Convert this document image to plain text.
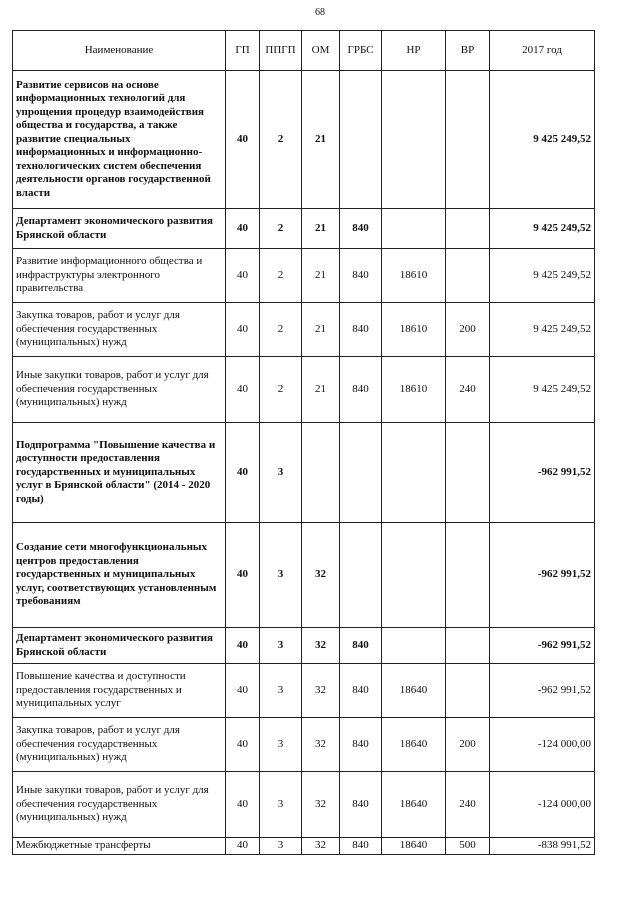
68
Наименование	ГП	ППГП	ОМ	ГРБС	НР	ВР	2017 год
Развитие сервисов на основе информационных технологий для упрощения процедур взаимодействия общества и государства, а также развитие специальных информационных и информационно-технологических систем обеспечения деятельности органов государственной власти	40	2	21				9 425 249,52
Департамент экономического развития Брянской области	40	2	21	840			9 425 249,52
Развитие информационного общества и инфраструктуры электронного правительства	40	2	21	840	18610		9 425 249,52
Закупка товаров, работ и услуг для обеспечения государственных (муниципальных) нужд	40	2	21	840	18610	200	9 425 249,52
Иные закупки товаров, работ и услуг для обеспечения государственных (муниципальных) нужд	40	2	21	840	18610	240	9 425 249,52
Подпрограмма "Повышение качества и доступности предоставления государственных и муниципальных услуг в Брянской области" (2014 - 2020 годы)	40	3					-962 991,52
Создание сети многофункциональных центров предоставления государственных и муниципальных услуг, соответствующих установленным требованиям	40	3	32				-962 991,52
Департамент экономического развития Брянской области	40	3	32	840			-962 991,52
Повышение качества и доступности предоставления государственных и муниципальных услуг	40	3	32	840	18640		-962 991,52
Закупка товаров, работ и услуг для обеспечения государственных (муниципальных) нужд	40	3	32	840	18640	200	-124 000,00
Иные закупки товаров, работ и услуг для обеспечения государственных (муниципальных) нужд	40	3	32	840	18640	240	-124 000,00
Межбюджетные трансферты	40	3	32	840	18640	500	-838 991,52
